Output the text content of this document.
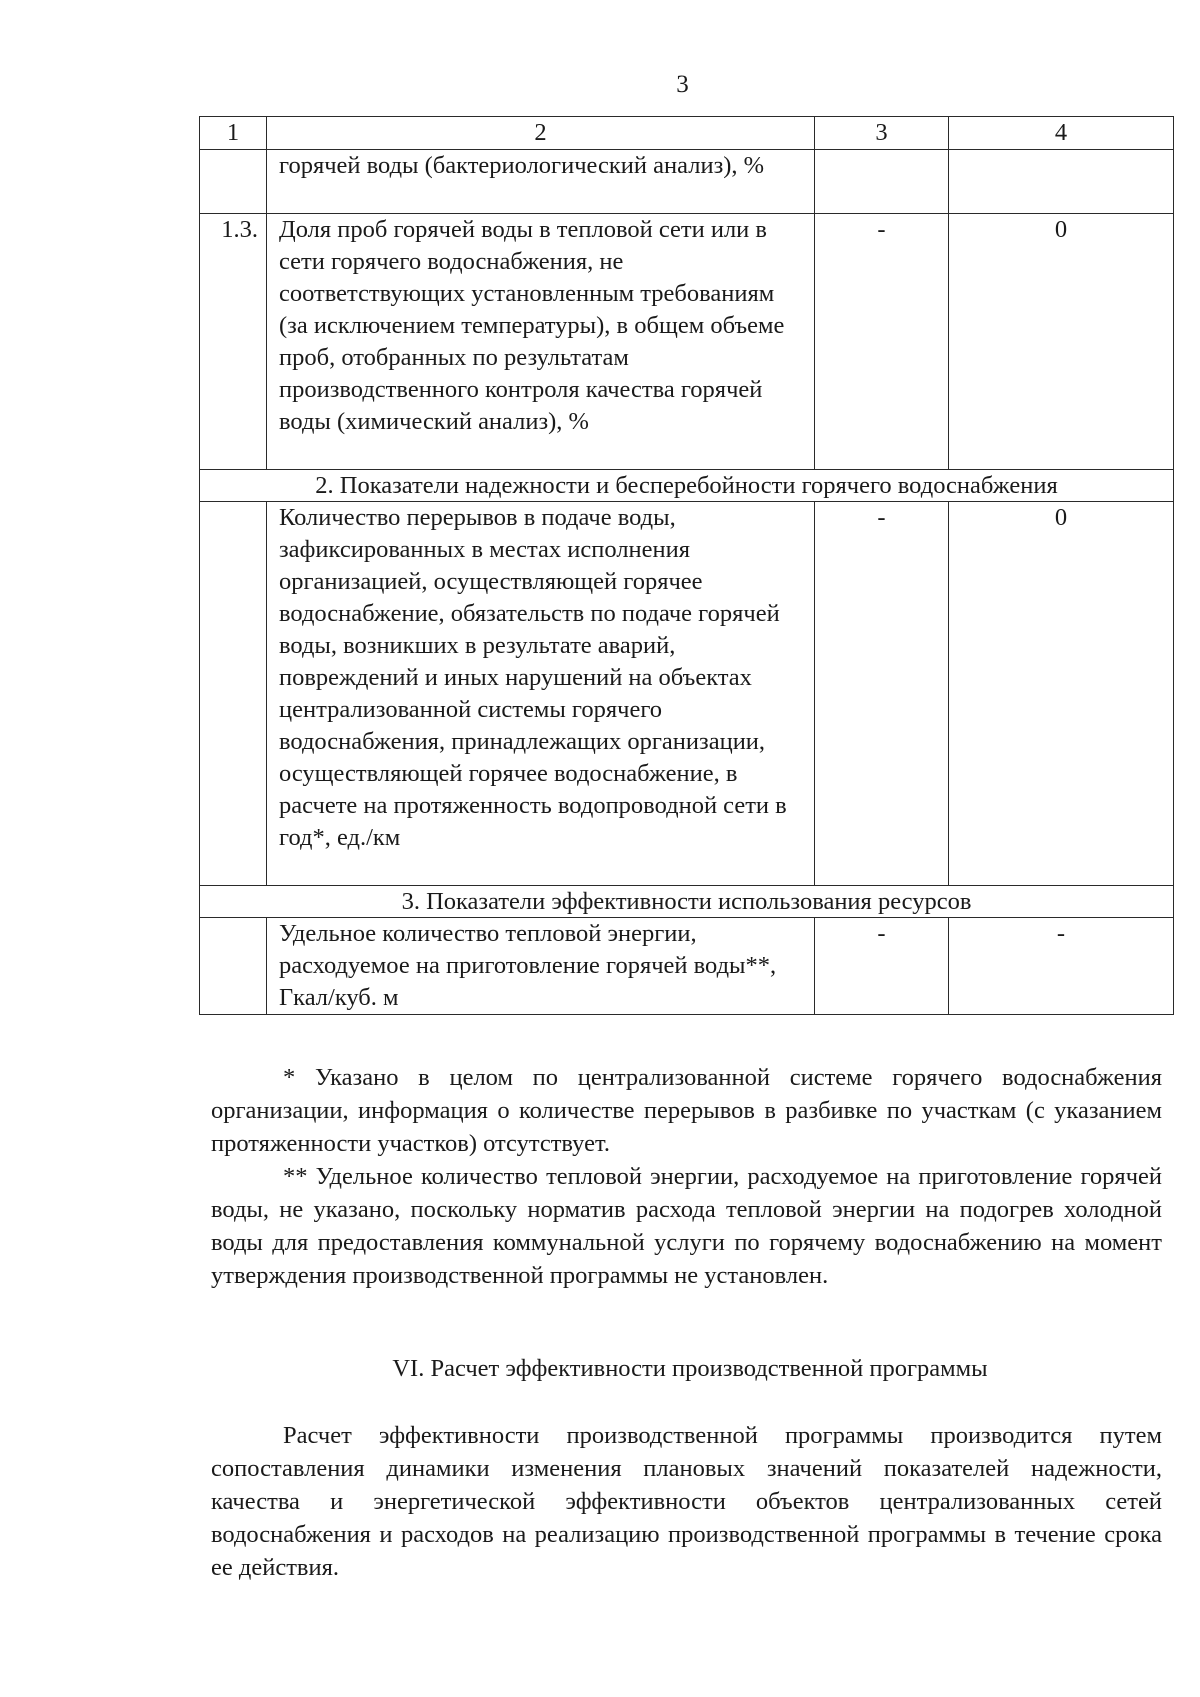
3
1	2	3	4
	горячей воды (бактериологический анализ), %		
1.3.	Доля проб горячей воды в тепловой сети или в сети горячего водоснабжения, не соответствующих установленным требованиям (за исключением температуры), в общем объеме проб, отобранных по результатам производственного контроля качества горячей воды (химический анализ), %	-	0
2. Показатели надежности и бесперебойности горячего водоснабжения			
	Количество перерывов в подаче воды, зафиксированных в местах исполнения организацией, осуществляющей горячее водоснабжение, обязательств по подаче горячей воды, возникших в результате аварий, повреждений и иных нарушений на объектах централизованной системы горячего водоснабжения, принадлежащих организации, осуществляющей горячее водоснабжение, в расчете на протяженность водопроводной сети в год*, ед./км	-	0
3. Показатели эффективности использования ресурсов			
	Удельное количество тепловой энергии, расходуемое на приготовление горячей воды**, Гкал/куб. м	-	-

* Указано в целом по централизованной системе горячего водоснабжения организации, информация о количестве перерывов в разбивке по участкам (с указанием протяженности участков) отсутствует.

** Удельное количество тепловой энергии, расходуемое на приготовление горячей воды, не указано, поскольку норматив расхода тепловой энергии на подогрев холодной воды для предоставления коммунальной услуги по горячему водоснабжению на момент утверждения производственной программы не установлен.

VI. Расчет эффективности производственной программы

Расчет эффективности производственной программы производится путем сопоставления динамики изменения плановых значений показателей надежности, качества и энергетической эффективности объектов централизованных сетей водоснабжения и расходов на реализацию производственной программы в течение срока ее действия.
